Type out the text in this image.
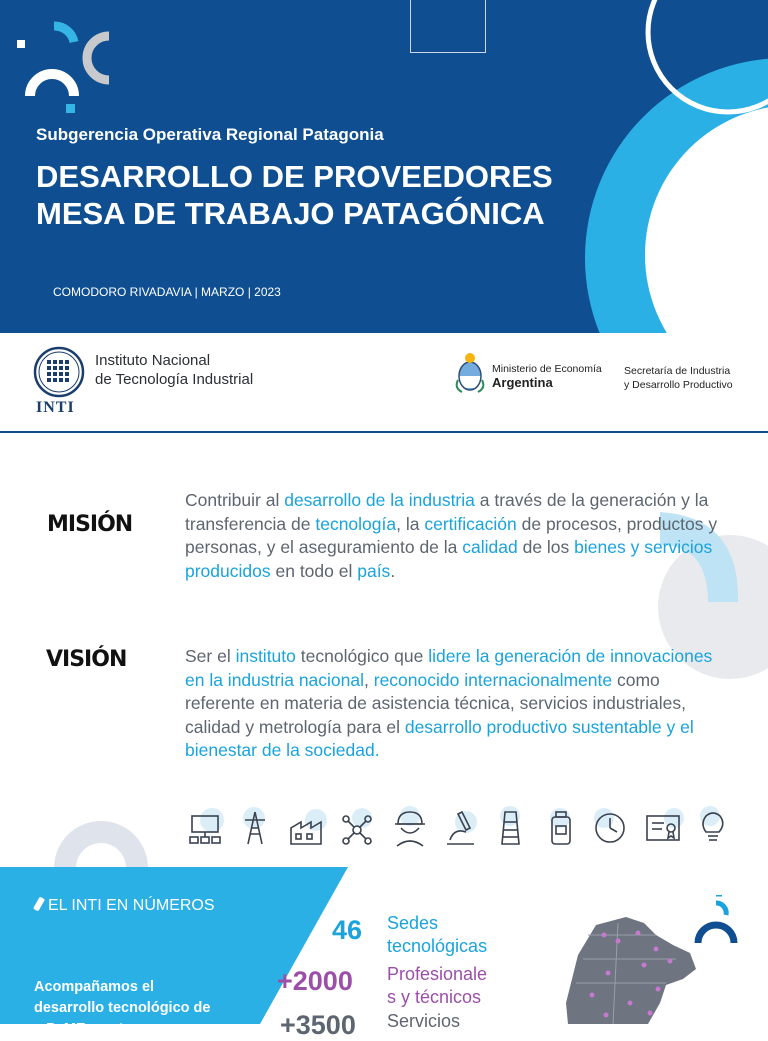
Subgerencia Operativa Regional Patagonia
DESARROLLO DE PROVEEDORES
MESA DE TRABAJO PATAGÓNICA
COMODORO RIVADAVIA | MARZO | 2023
Instituto Nacional
de Tecnología Industrial
INTI
Ministerio de Economía
Argentina
Secretaría de Industria
y Desarrollo Productivo
MISIÓN
Contribuir al desarrollo de la industria a través de la generación y la transferencia de tecnología, la certificación de procesos, productos y personas, y el aseguramiento de la calidad de los bienes y servicios producidos en todo el país.
VISIÓN	Ser el instituto tecnológico que lidere la generación de innovaciones en la industria nacional, reconocido internacionalmente como referente en materia de asistencia técnica, servicios industriales, calidad y metrología para el desarrollo productivo sustentable y el bienestar de la sociedad.
EL INTI EN NÚMEROS
Acompañamos el
desarrollo tecnológico de
...PyMEs y otros
46 Sedes
tecnológicas
+2000 Profesionale
s y técnicos
+3500 Servicios
